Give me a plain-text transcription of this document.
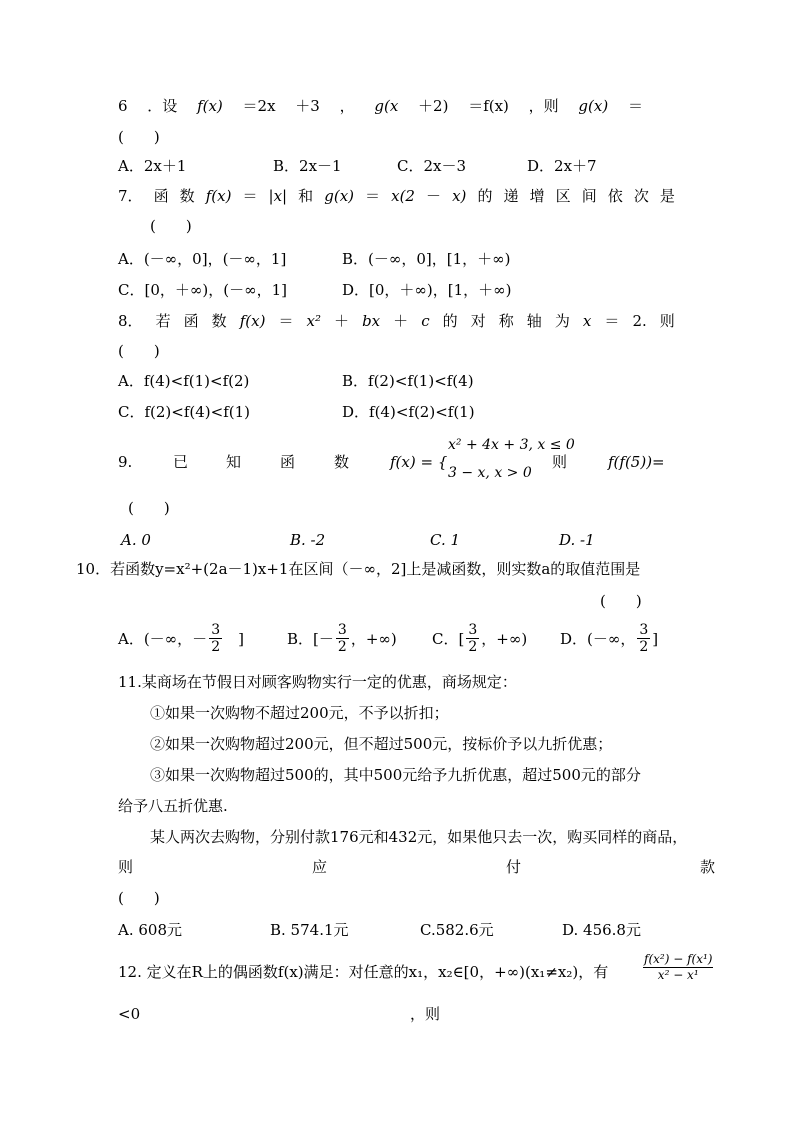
6 ．设 f(x) ＝2x ＋3 ， g(x ＋2) ＝f(x) ，则 g(x) ＝
(　　)
A．2x＋1	B．2x－1	C．2x－3	D．2x＋7
7． 函 数 f(x) ＝ |x| 和 g(x) ＝ x(2 － x) 的 递 增 区 间 依 次 是
(　　)
A．(－∞，0]，(－∞，1]	B．(－∞，0]，[1，＋∞)
C．[0，＋∞)，(－∞，1]	D．[0，＋∞)，[1，＋∞)
8． 若 函 数 f(x) ＝ x² ＋ bx ＋ c 的 对 称 轴 为 x ＝ 2. 则
(　　)
A．f(4)<f(1)<f(2)	B．f(2)<f(1)<f(4)
C．f(2)<f(4)<f(1)	D．f(4)<f(2)<f(1)
9.	已	知	函	数	f(x) = {
x² + 4x + 3, x ≤ 0
3 − x, x > 0
则	f(f(5))=
(　　)
A. 0	B. -2	C. 1	D. -1
10．若函数y=x²+(2a－1)x+1在区间（－∞，2]上是减函数，则实数a的取值范围是
(　　)
A．(－∞，－ $\frac{3}{2}$ ]	B．[－ $\frac{3}{2}$ ，+∞) C．[ $\frac{3}{2}$ ，+∞) D．(－∞， $\frac{3}{2}$ ]
11.某商场在节假日对顾客购物实行一定的优惠，商场规定：
①如果一次购物不超过200元，不予以折扣；
②如果一次购物超过200元，但不超过500元，按标价予以九折优惠；
③如果一次购物超过500的，其中500元给予九折优惠，超过500元的部分
给予八五折优惠.
某人两次去购物，分别付款176元和432元，如果他只去一次，购买同样的商品，
则	应	付	款
(　　)
A. 608元	B. 574.1元	C.582.6元	D. 456.8元
12. 定义在R上的偶函数f(x)满足：对任意的x₁，x₂∈[0，+∞)(x₁≠x₂)，有	$\frac{\text{f(x²) − f(x¹)}}{\text{x² − x¹}}$
<0	，则
